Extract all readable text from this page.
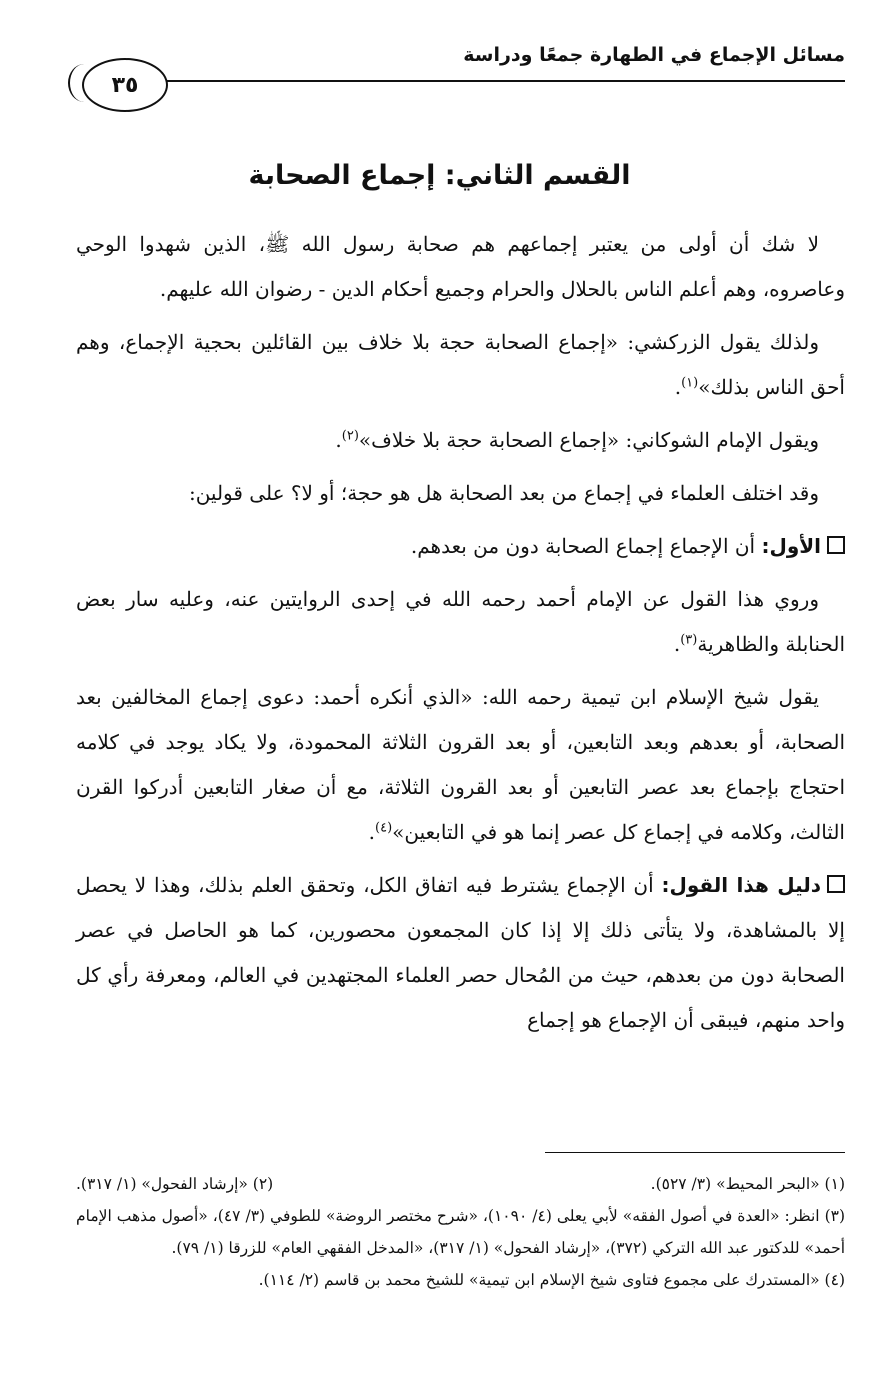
مسائل الإجماع في الطهارة جمعًا ودراسة
٣٥
القسم الثاني: إجماع الصحابة

لا شك أن أولى من يعتبر إجماعهم هم صحابة رسول الله ﷺ، الذين شهدوا الوحي وعاصروه، وهم أعلم الناس بالحلال والحرام وجميع أحكام الدين - رضوان الله عليهم.

ولذلك يقول الزركشي: «إجماع الصحابة حجة بلا خلاف بين القائلين بحجية الإجماع، وهم أحق الناس بذلك»$^{(١)}$.

ويقول الإمام الشوكاني: «إجماع الصحابة حجة بلا خلاف»$^{(٢)}$.

وقد اختلف العلماء في إجماع من بعد الصحابة هل هو حجة؛ أو لا؟ على قولين:

الأول: أن الإجماع إجماع الصحابة دون من بعدهم.

وروي هذا القول عن الإمام أحمد رحمه الله في إحدى الروايتين عنه، وعليه سار بعض الحنابلة والظاهرية$^{(٣)}$.

يقول شيخ الإسلام ابن تيمية رحمه الله: «الذي أنكره أحمد: دعوى إجماع المخالفين بعد الصحابة، أو بعدهم وبعد التابعين، أو بعد القرون الثلاثة المحمودة، ولا يكاد يوجد في كلامه احتجاج بإجماع بعد عصر التابعين أو بعد القرون الثلاثة، مع أن صغار التابعين أدركوا القرن الثالث، وكلامه في إجماع كل عصر إنما هو في التابعين»$^{(٤)}$.

دليل هذا القول: أن الإجماع يشترط فيه اتفاق الكل، وتحقق العلم بذلك، وهذا لا يحصل إلا بالمشاهدة، ولا يتأتى ذلك إلا إذا كان المجمعون محصورين، كما هو الحاصل في عصر الصحابة دون من بعدهم، حيث من المُحال حصر العلماء المجتهدين في العالم، ومعرفة رأي كل واحد منهم، فيبقى أن الإجماع هو إجماع

(١) «البحر المحيط» (٣/ ٥٢٧).

(٢) «إرشاد الفحول» (١/ ٣١٧).

(٣) انظر: «العدة في أصول الفقه» لأبي يعلى (٤/ ١٠٩٠)، «شرح مختصر الروضة» للطوفي (٣/ ٤٧)، «أصول مذهب الإمام أحمد» للدكتور عبد الله التركي (٣٧٢)، «إرشاد الفحول» (١/ ٣١٧)، «المدخل الفقهي العام» للزرقا (١/ ٧٩).

(٤) «المستدرك على مجموع فتاوى شيخ الإسلام ابن تيمية» للشيخ محمد بن قاسم (٢/ ١١٤).
